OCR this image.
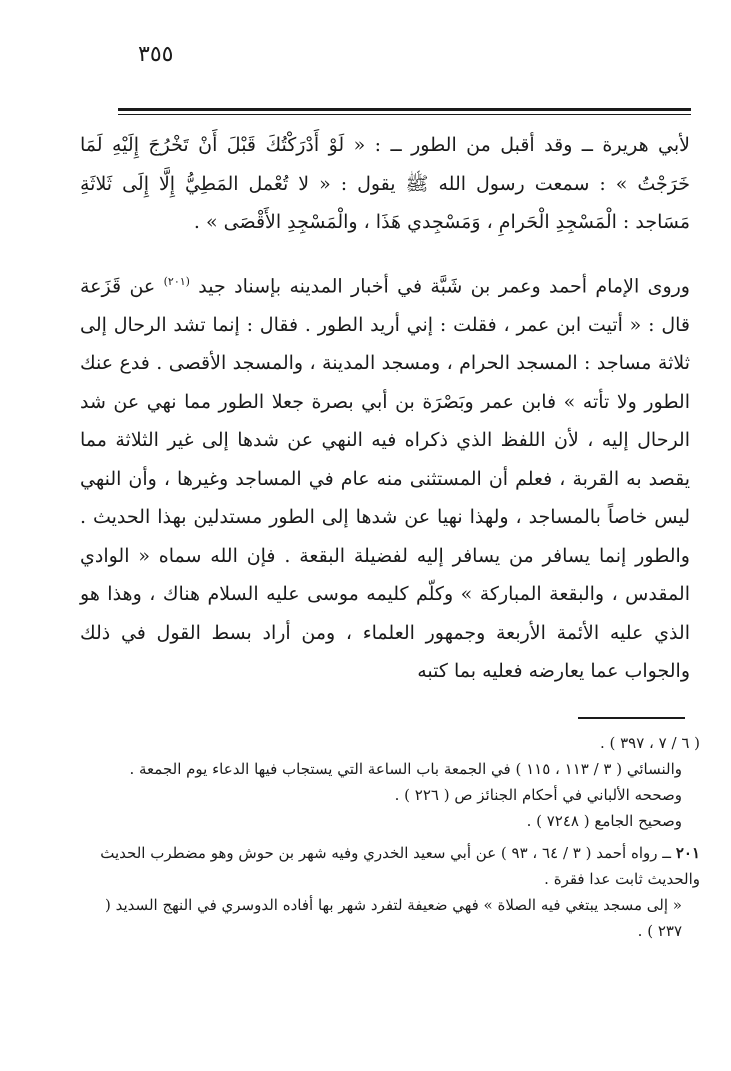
٣٥٥
لأبي هريرة ــ وقد أقبل من الطور ــ : « لَوْ أَدْرَكْتُكَ قَبْلَ أَنْ تَخْرُجَ إِلَيْهِ لَمَا خَرَجْتُ » : سمعت رسول الله ﷺ يقول : « لا تُعْمل المَطِيُّ إِلَّا إِلَى ثَلاثَةِ مَسَاجد : الْمَسْجِدِ الْحَرامِ ، وَمَسْجِدي هَذَا ، والْمَسْجِدِ الأَقْصَى » .
وروى الإمام أحمد وعمر بن شَبَّة في أخبار المدينه بإسناد جيد $^{(٢٠١)}$ عن قَزَعة قال : « أتيت ابن عمر ، فقلت : إني أريد الطور . فقال : إنما تشد الرحال إلى ثلاثة مساجد : المسجد الحرام ، ومسجد المدينة ، والمسجد الأقصى . فدع عنك الطور ولا تأته » فابن عمر وبَصْرَة بن أبي بصرة جعلا الطور مما نهي عن شد الرحال إليه ، لأن اللفظ الذي ذكراه فيه النهي عن شدها إلى غير الثلاثة مما يقصد به القربة ، فعلم أن المستثنى منه عام في المساجد وغيرها ، وأن النهي ليس خاصاً بالمساجد ، ولهذا نهيا عن شدها إلى الطور مستدلين بهذا الحديث . والطور إنما يسافر من يسافر إليه لفضيلة البقعة . فإن الله سماه « الوادي المقدس ، والبقعة المباركة » وكلّم كليمه موسى عليه السلام هناك ، وهذا هو الذي عليه الأئمة الأربعة وجمهور العلماء ، ومن أراد بسط القول في ذلك والجواب عما يعارضه فعليه بما كتبه

( ٦ / ٧ ، ٣٩٧ ) .

والنسائي ( ٣ / ١١٣ ، ١١٥ ) في الجمعة باب الساعة التي يستجاب فيها الدعاء يوم الجمعة .

وصححه الألباني في أحكام الجنائز ص ( ٢٢٦ ) .

وصحيح الجامع ( ٧٢٤٨ ) .

٢٠١ ــ رواه أحمد ( ٣ / ٦٤ ، ٩٣ ) عن أبي سعيد الخدري وفيه شهر بن حوش وهو مضطرب الحديث والحديث ثابت عدا فقرة .

« إلى مسجد يبتغي فيه الصلاة » فهي ضعيفة لتفرد شهر بها أفاده الدوسري في النهج السديد ( ٢٣٧ ) .
